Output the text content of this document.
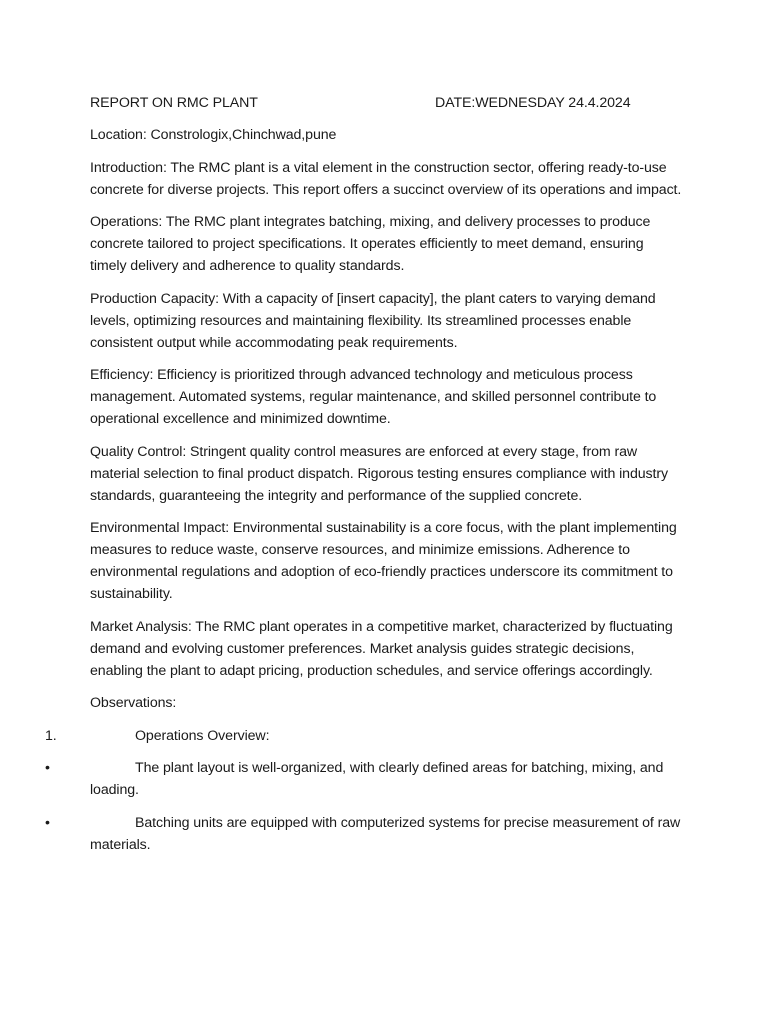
REPORT ON RMC PLANT	DATE:WEDNESDAY 24.4.2024

Location: Constrologix,Chinchwad,pune

Introduction: The RMC plant is a vital element in the construction sector, offering ready-to-use concrete for diverse projects. This report offers a succinct overview of its operations and impact.

Operations: The RMC plant integrates batching, mixing, and delivery processes to produce concrete tailored to project specifications. It operates efficiently to meet demand, ensuring timely delivery and adherence to quality standards.

Production Capacity: With a capacity of [insert capacity], the plant caters to varying demand levels, optimizing resources and maintaining flexibility. Its streamlined processes enable consistent output while accommodating peak requirements.

Efficiency: Efficiency is prioritized through advanced technology and meticulous process management. Automated systems, regular maintenance, and skilled personnel contribute to operational excellence and minimized downtime.

Quality Control: Stringent quality control measures are enforced at every stage, from raw material selection to final product dispatch. Rigorous testing ensures compliance with industry standards, guaranteeing the integrity and performance of the supplied concrete.

Environmental Impact: Environmental sustainability is a core focus, with the plant implementing measures to reduce waste, conserve resources, and minimize emissions. Adherence to environmental regulations and adoption of eco-friendly practices underscore its commitment to sustainability.

Market Analysis: The RMC plant operates in a competitive market, characterized by fluctuating demand and evolving customer preferences. Market analysis guides strategic decisions, enabling the plant to adapt pricing, production schedules, and service offerings accordingly.

Observations:

1.	Operations Overview:

•	The plant layout is well-organized, with clearly defined areas for batching, mixing, and loading.

•	Batching units are equipped with computerized systems for precise measurement of raw materials.
